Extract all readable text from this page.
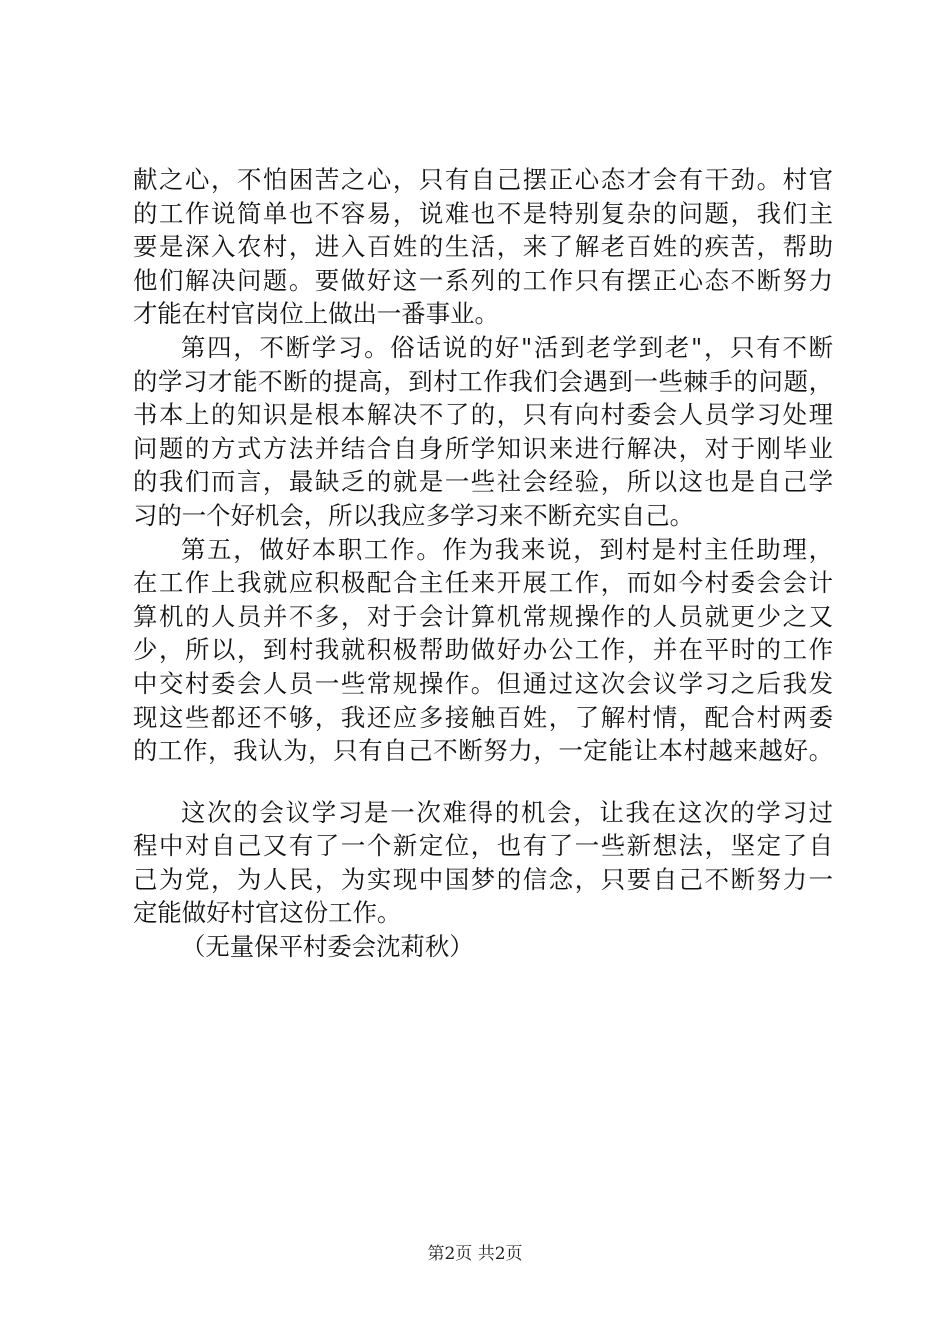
献之心，不怕困苦之心，只有自己摆正心态才会有干劲。村官
的工作说简单也不容易，说难也不是特别复杂的问题，我们主
要是深入农村，进入百姓的生活，来了解老百姓的疾苦，帮助
他们解决问题。要做好这一系列的工作只有摆正心态不断努力
才能在村官岗位上做出一番事业。
第四，不断学习。俗话说的好"活到老学到老"，只有不断
的学习才能不断的提高，到村工作我们会遇到一些棘手的问题，
书本上的知识是根本解决不了的，只有向村委会人员学习处理
问题的方式方法并结合自身所学知识来进行解决，对于刚毕业
的我们而言，最缺乏的就是一些社会经验，所以这也是自己学
习的一个好机会，所以我应多学习来不断充实自己。
第五，做好本职工作。作为我来说，到村是村主任助理，
在工作上我就应积极配合主任来开展工作，而如今村委会会计
算机的人员并不多，对于会计算机常规操作的人员就更少之又
少，所以，到村我就积极帮助做好办公工作，并在平时的工作
中交村委会人员一些常规操作。但通过这次会议学习之后我发
现这些都还不够，我还应多接触百姓，了解村情，配合村两委
的工作，我认为，只有自己不断努力，一定能让本村越来越好。
这次的会议学习是一次难得的机会，让我在这次的学习过
程中对自己又有了一个新定位，也有了一些新想法，坚定了自
己为党，为人民，为实现中国梦的信念，只要自己不断努力一
定能做好村官这份工作。
（无量保平村委会沈莉秋）
第2页 共2页
